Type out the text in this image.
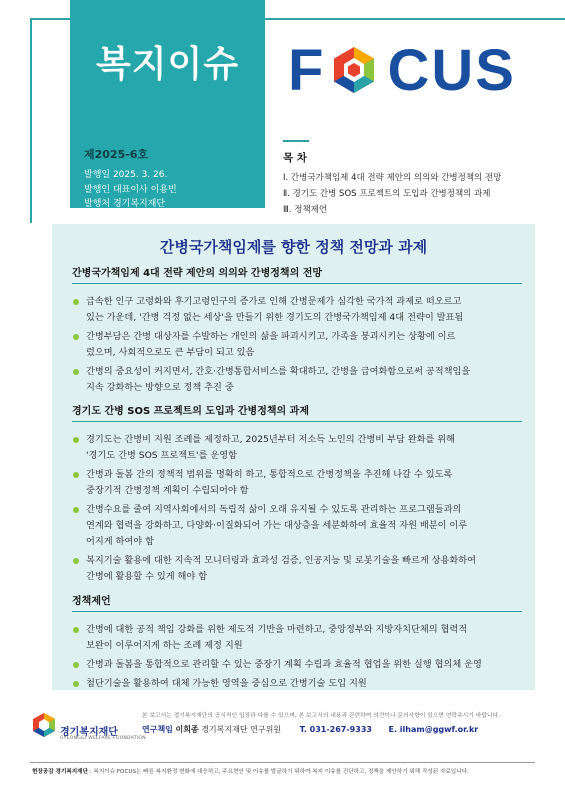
복지이슈
제2025-6호
발행일 2025. 3. 26.
발행인 대표이사 이용빈
발행처 경기복지재단
F CUS
목 차
Ⅰ. 간병국가책임제 4대 전략 제안의 의의와 간병정책의 전망
Ⅱ. 경기도 간병 SOS 프로젝트의 도입과 간병정책의 과제
Ⅲ. 정책제언
간병국가책임제를 향한 정책 전망과 과제
간병국가책임제 4대 전략 제안의 의의와 간병정책의 전망
급속한 인구 고령화와 후기고령인구의 증가로 인해 간병문제가 심각한 국가적 과제로 떠오르고
있는 가운데, '간병 걱정 없는 세상'을 만들기 위한 경기도의 간병국가책임제 4대 전략이 발표됨
간병부담은 간병 대상자를 수발하는 개인의 삶을 파괴시키고, 가족을 붕괴시키는 상황에 이르
렀으며, 사회적으로도 큰 부담이 되고 있음
간병의 중요성이 커지면서, 간호·간병통합서비스를 확대하고, 간병을 급여화함으로써 공적책임을
지속 강화하는 방향으로 정책 추진 중
경기도 간병 SOS 프로젝트의 도입과 간병정책의 과제
경기도는 간병비 지원 조례를 제정하고, 2025년부터 저소득 노인의 간병비 부담 완화를 위해
'경기도 간병 SOS 프로젝트'를 운영함
간병과 돌봄 간의 정책적 범위를 명확히 하고, 통합적으로 간병정책을 추진해 나갈 수 있도록
중장기적 간병정책 계획이 수립되어야 함
간병수요를 줄여 지역사회에서의 독립적 삶이 오래 유지될 수 있도록 관리하는 프로그램들과의
연계와 협력을 강화하고, 다양화·이질화되어 가는 대상층을 세분화하여 효율적 자원 배분이 이루
어지게 하여야 함
복지기술 활용에 대한 지속적 모니터링과 효과성 검증, 인공지능 및 로봇기술을 빠르게 상용화하여
간병에 활용할 수 있게 해야 함
정책제언
간병에 대한 공적 책임 강화를 위한 제도적 기반을 마련하고, 중앙정부와 지방자치단체의 협력적
보완이 이루어지게 하는 조례 제정 지원
간병과 돌봄을 통합적으로 관리할 수 있는 중장기 계획 수립과 효율적 협업을 위한 실행 협의체 운영
첨단기술을 활용하여 대체 가능한 영역을 중심으로 간병기술 도입 지원
경기복지재단
GYEONGGI WELFARE FOUNDATION
본 보고서는 경기복지재단의 공식적인 입장과 다를 수 있으며, 본 보고서의 내용과 관련하여 의견이나 문의사항이 있으면 연락주시기 바랍니다.
연구책임 이희종 경기복지재단 연구위원 T. 031-267-9333 E. ilham@ggwf.or.kr
현장공감 경기복지재단 : 복지이슈 FOCUS는 빠른 복지환경 변화에 대응하고, 주요현안 및 이슈를 발굴하기 위하여 복지 이슈를 진단하고, 정책을 제안하기 위해 작성된 자료입니다.
